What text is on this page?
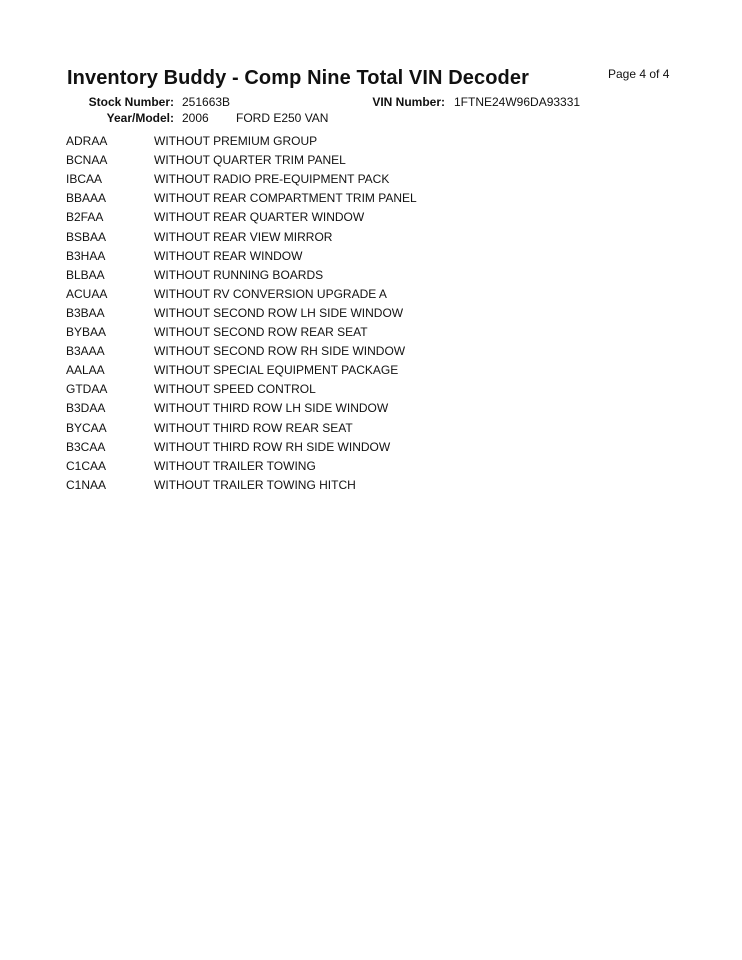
Inventory Buddy - Comp Nine Total VIN Decoder	Page 4 of 4
Stock Number: 251663B	VIN Number: 1FTNE24W96DA93331
Year/Model: 2006 FORD E250 VAN
ADRAA	WITHOUT PREMIUM GROUP
BCNAA	WITHOUT QUARTER TRIM PANEL
IBCAA	WITHOUT RADIO PRE-EQUIPMENT PACK
BBAAA	WITHOUT REAR COMPARTMENT TRIM PANEL
B2FAA	WITHOUT REAR QUARTER WINDOW
BSBAA	WITHOUT REAR VIEW MIRROR
B3HAA	WITHOUT REAR WINDOW
BLBAA	WITHOUT RUNNING BOARDS
ACUAA	WITHOUT RV CONVERSION UPGRADE A
B3BAA	WITHOUT SECOND ROW LH SIDE WINDOW
BYBAA	WITHOUT SECOND ROW REAR SEAT
B3AAA	WITHOUT SECOND ROW RH SIDE WINDOW
AALAA	WITHOUT SPECIAL EQUIPMENT PACKAGE
GTDAA	WITHOUT SPEED CONTROL
B3DAA	WITHOUT THIRD ROW LH SIDE WINDOW
BYCAA	WITHOUT THIRD ROW REAR SEAT
B3CAA	WITHOUT THIRD ROW RH SIDE WINDOW
C1CAA	WITHOUT TRAILER TOWING
C1NAA	WITHOUT TRAILER TOWING HITCH
